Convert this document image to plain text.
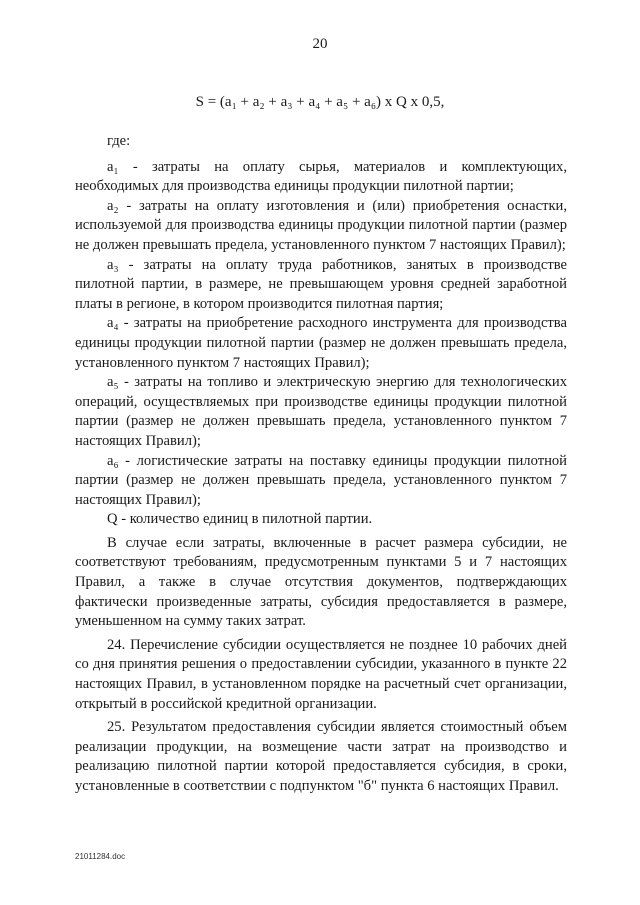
20
S = (a₁ + a₂ + a₃ + a₄ + a₅ + a₆) x Q x 0,5,

где:

a₁ - затраты на оплату сырья, материалов и комплектующих, необходимых для производства единицы продукции пилотной партии;

a₂ - затраты на оплату изготовления и (или) приобретения оснастки, используемой для производства единицы продукции пилотной партии (размер не должен превышать предела, установленного пунктом 7 настоящих Правил);

a₃ - затраты на оплату труда работников, занятых в производстве пилотной партии, в размере, не превышающем уровня средней заработной платы в регионе, в котором производится пилотная партия;

a₄ - затраты на приобретение расходного инструмента для производства единицы продукции пилотной партии (размер не должен превышать предела, установленного пунктом 7 настоящих Правил);

a₅ - затраты на топливо и электрическую энергию для технологических операций, осуществляемых при производстве единицы продукции пилотной партии (размер не должен превышать предела, установленного пунктом 7 настоящих Правил);

a₆ - логистические затраты на поставку единицы продукции пилотной партии (размер не должен превышать предела, установленного пунктом 7 настоящих Правил);

Q - количество единиц в пилотной партии.

В случае если затраты, включенные в расчет размера субсидии, не соответствуют требованиям, предусмотренным пунктами 5 и 7 настоящих Правил, а также в случае отсутствия документов, подтверждающих фактически произведенные затраты, субсидия предоставляется в размере, уменьшенном на сумму таких затрат.

24. Перечисление субсидии осуществляется не позднее 10 рабочих дней со дня принятия решения о предоставлении субсидии, указанного в пункте 22 настоящих Правил, в установленном порядке на расчетный счет организации, открытый в российской кредитной организации.

25. Результатом предоставления субсидии является стоимостный объем реализации продукции, на возмещение части затрат на производство и реализацию пилотной партии которой предоставляется субсидия, в сроки, установленные в соответствии с подпунктом "б" пункта 6 настоящих Правил.

21011284.doc
